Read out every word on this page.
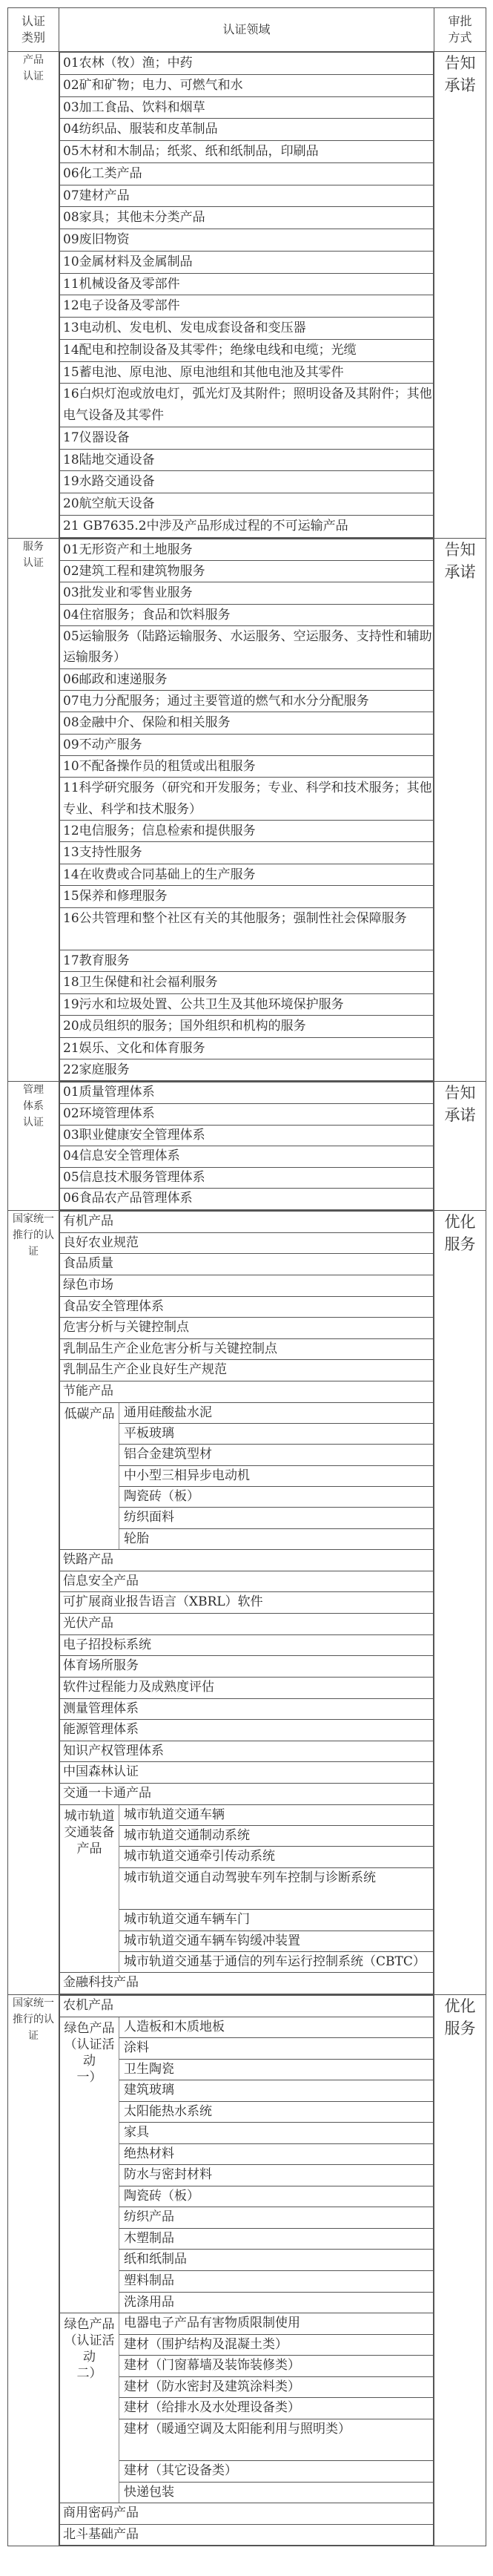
认证
类别	认证领域	审批
方式
产品
认证	
01农林（牧）渔；中药
02矿和矿物；电力、可燃气和水
03加工食品、饮料和烟草
04纺织品、服装和皮革制品
05木材和木制品；纸浆、纸和纸制品，印刷品
06化工类产品
07建材产品
08家具；其他未分类产品
09废旧物资
10金属材料及金属制品
11机械设备及零部件
12电子设备及零部件
13电动机、发电机、发电成套设备和变压器
14配电和控制设备及其零件；绝缘电线和电缆；光缆
15蓄电池、原电池、原电池组和其他电池及其零件
16白炽灯泡或放电灯，弧光灯及其附件；照明设备及其附件；其他电气设备及其零件
17仪器设备
18陆地交通设备
19水路交通设备
20航空航天设备
21 GB7635.2中涉及产品形成过程的不可运输产品
	告知
承诺
服务
认证	
01无形资产和土地服务
02建筑工程和建筑物服务
03批发业和零售业服务
04住宿服务；食品和饮料服务
05运输服务（陆路运输服务、水运服务、空运服务、支持性和辅助运输服务）
06邮政和速递服务
07电力分配服务；通过主要管道的燃气和水分分配服务
08金融中介、保险和相关服务
09不动产服务
10不配备操作员的租赁或出租服务
11科学研究服务（研究和开发服务；专业、科学和技术服务；其他专业、科学和技术服务）
12电信服务；信息检索和提供服务
13支持性服务
14在收费或合同基础上的生产服务
15保养和修理服务
16公共管理和整个社区有关的其他服务；强制性社会保障服务
17教育服务
18卫生保健和社会福利服务
19污水和垃圾处置、公共卫生及其他环境保护服务
20成员组织的服务；国外组织和机构的服务
21娱乐、文化和体育服务
22家庭服务
	告知
承诺
管理
体系
认证	
01质量管理体系
02环境管理体系
03职业健康安全管理体系
04信息安全管理体系
05信息技术服务管理体系
06食品农产品管理体系
	告知
承诺
国家统一
推行的认
证	
有机产品
良好农业规范
食品质量
绿色市场
食品安全管理体系
危害分析与关键控制点
乳制品生产企业危害分析与关键控制点
乳制品生产企业良好生产规范
节能产品
低碳产品	通用硅酸盐水泥
平板玻璃
铝合金建筑型材
中小型三相异步电动机
陶瓷砖（板）
纺织面料
轮胎
铁路产品
信息安全产品
可扩展商业报告语言（XBRL）软件
光伏产品
电子招投标系统
体育场所服务
软件过程能力及成熟度评估
测量管理体系
能源管理体系
知识产权管理体系
中国森林认证
交通一卡通产品
城市轨道
交通装备
产品	城市轨道交通车辆
城市轨道交通制动系统
城市轨道交通牵引传动系统
城市轨道交通自动驾驶车列车控制与诊断系统
城市轨道交通车辆车门
城市轨道交通车辆车钩缓冲装置
城市轨道交通基于通信的列车运行控制系统（CBTC）
金融科技产品
	优化
服务
国家统一
推行的认
证	
农机产品
绿色产品
（认证活动
一）	人造板和木质地板
涂料
卫生陶瓷
建筑玻璃
太阳能热水系统
家具
绝热材料
防水与密封材料
陶瓷砖（板）
纺织产品
木塑制品
纸和纸制品
塑料制品
洗涤用品
绿色产品
（认证活动
二）	电器电子产品有害物质限制使用
建材（围护结构及混凝土类）
建材（门窗幕墙及装饰装修类）
建材（防水密封及建筑涂料类）
建材（给排水及水处理设备类）
建材（暖通空调及太阳能利用与照明类）
建材（其它设备类）
快递包装
商用密码产品
北斗基础产品
	优化
服务
